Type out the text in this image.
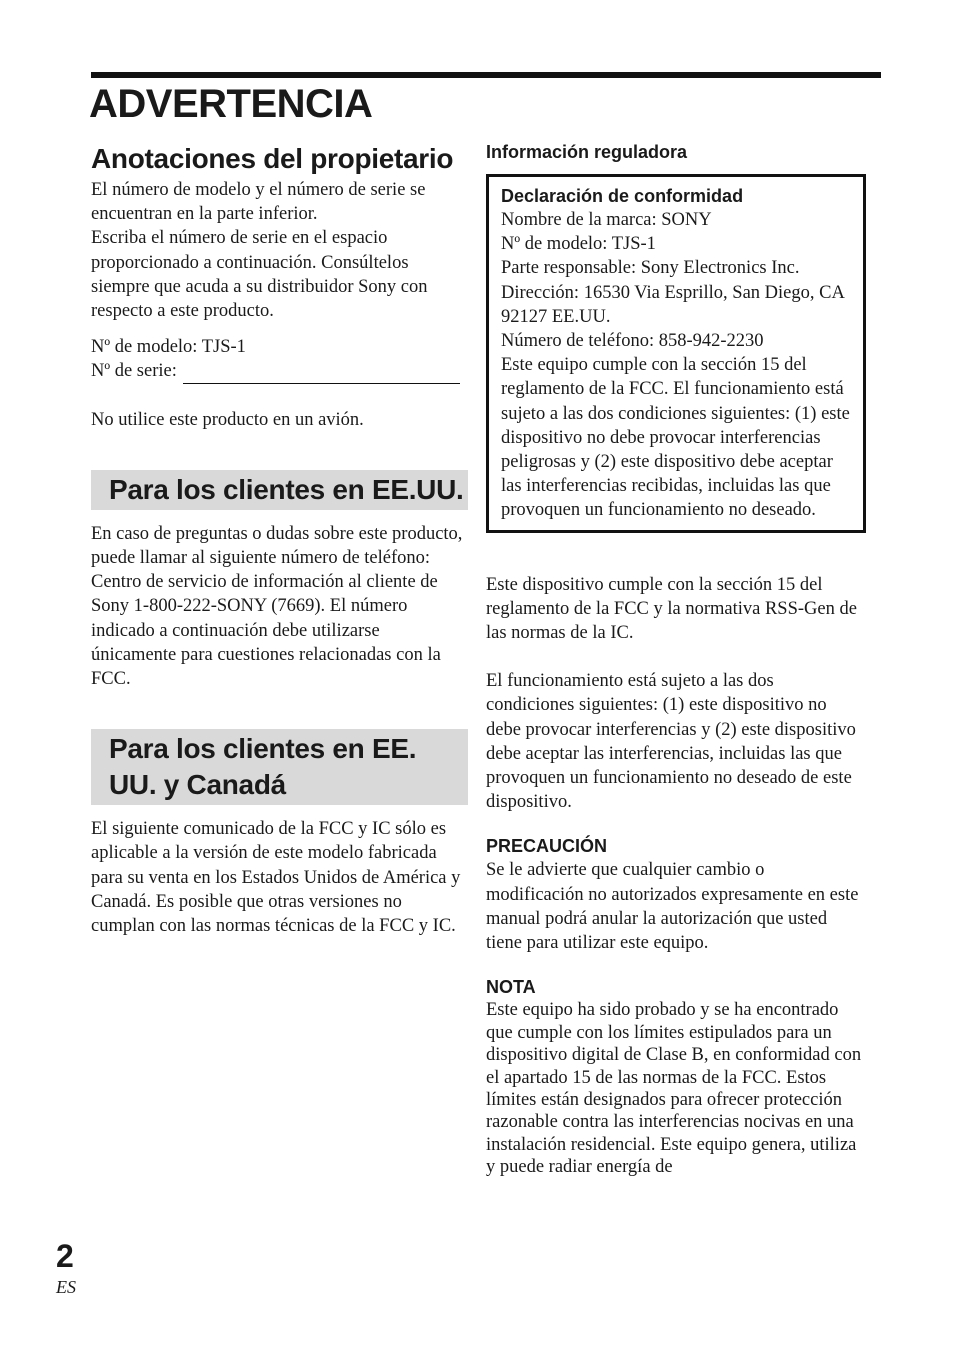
ADVERTENCIA
Anotaciones del propietario

El número de modelo y el número de serie se encuentran en la parte inferior.

Escriba el número de serie en el espacio proporcionado a continuación. Consúltelos siempre que acuda a su distribuidor Sony con respecto a este producto.

Nº de modelo: TJS-1

Nº de serie:

No utilice este producto en un avión.

Para los clientes en EE.UU.

En caso de preguntas o dudas sobre este producto, puede llamar al siguiente número de teléfono: Centro de servicio de información al cliente de Sony 1-800-222-SONY (7669). El número indicado a continuación debe utilizarse únicamente para cuestiones relacionadas con la FCC.

Para los clientes en EE. UU. y Canadá

El siguiente comunicado de la FCC y IC sólo es aplicable a la versión de este modelo fabricada para su venta en los Estados Unidos de América y Canadá. Es posible que otras versiones no cumplan con las normas técnicas de la FCC y IC.

Información reguladora

Declaración de conformidad

Nombre de la marca: SONY

Nº de modelo: TJS-1

Parte responsable: Sony Electronics Inc.

Dirección: 16530 Via Esprillo, San Diego, CA 92127 EE.UU.

Número de teléfono: 858-942-2230

Este equipo cumple con la sección 15 del reglamento de la FCC. El funcionamiento está sujeto a las dos condiciones siguientes: (1) este dispositivo no debe provocar interferencias peligrosas y (2) este dispositivo debe aceptar las interferencias recibidas, incluidas las que provoquen un funcionamiento no deseado.

Este dispositivo cumple con la sección 15 del reglamento de la FCC y la normativa RSS-Gen de las normas de la IC.

El funcionamiento está sujeto a las dos condiciones siguientes: (1) este dispositivo no debe provocar interferencias y (2) este dispositivo debe aceptar las interferencias, incluidas las que provoquen un funcionamiento no deseado de este dispositivo.

PRECAUCIÓN

Se le advierte que cualquier cambio o modificación no autorizados expresamente en este manual podrá anular la autorización que usted tiene para utilizar este equipo.

NOTA

Este equipo ha sido probado y se ha encontrado que cumple con los límites estipulados para un dispositivo digital de Clase B, en conformidad con el apartado 15 de las normas de la FCC. Estos límites están designados para ofrecer protección razonable contra las interferencias nocivas en una instalación residencial. Este equipo genera, utiliza y puede radiar energía de

2
ES
